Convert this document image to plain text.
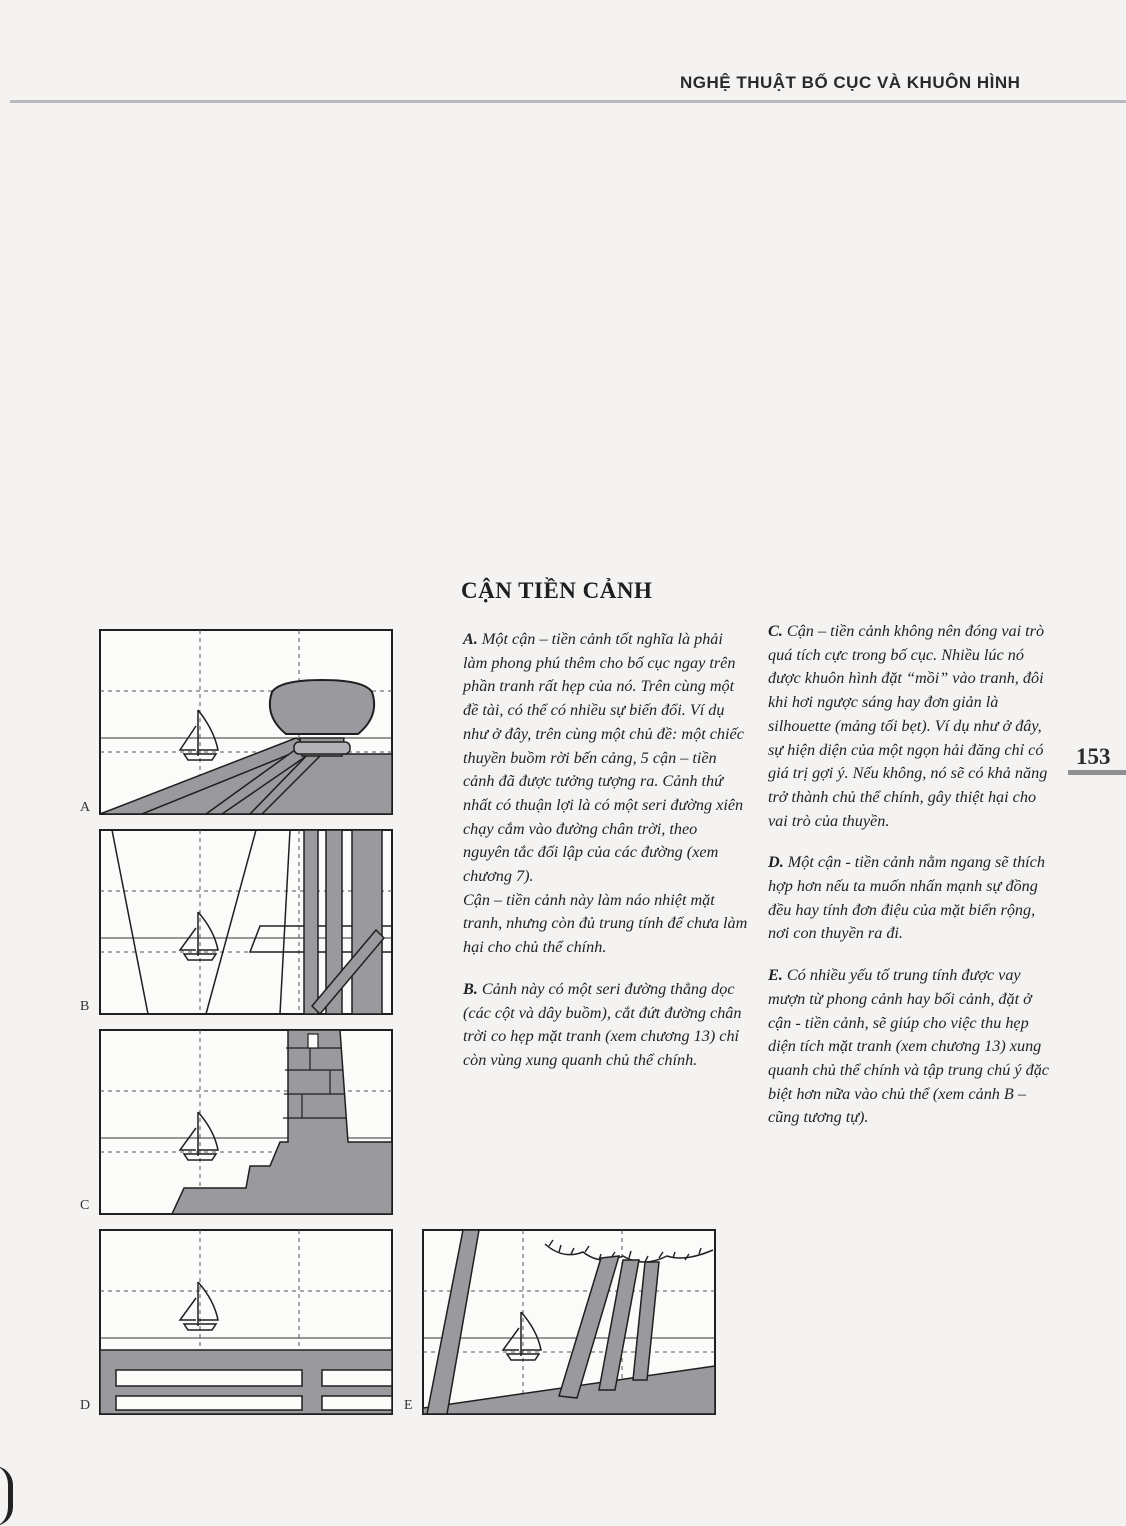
NGHỆ THUẬT BỐ CỤC VÀ KHUÔN HÌNH
153
CẬN TIỀN CẢNH

A. Một cận – tiền cảnh tốt nghĩa là phải làm phong phú thêm cho bố cục ngay trên phần tranh rất hẹp của nó. Trên cùng một đề tài, có thể có nhiều sự biến đổi. Ví dụ như ở đây, trên cùng một chủ đề: một chiếc thuyền buồm rời bến cảng, 5 cận – tiền cảnh đã được tưởng tượng ra. Cảnh thứ nhất có thuận lợi là có một seri đường xiên chạy cắm vào đường chân trời, theo nguyên tắc đối lập của các đường (xem chương 7).
Cận – tiền cảnh này làm náo nhiệt mặt tranh, nhưng còn đủ trung tính để chưa làm hại cho chủ thể chính.

B. Cảnh này có một seri đường thẳng dọc (các cột và dây buồm), cắt đứt đường chân trời co hẹp mặt tranh (xem chương 13) chỉ còn vùng xung quanh chủ thể chính.

C. Cận – tiền cảnh không nên đóng vai trò quá tích cực trong bố cục. Nhiều lúc nó được khuôn hình đặt “mồi” vào tranh, đôi khi hơi ngược sáng hay đơn giản là silhouette (mảng tối bẹt). Ví dụ như ở đây, sự hiện diện của một ngọn hải đăng chỉ có giá trị gợi ý. Nếu không, nó sẽ có khả năng trở thành chủ thể chính, gây thiệt hại cho vai trò của thuyền.

D. Một cận - tiền cảnh nằm ngang sẽ thích hợp hơn nếu ta muốn nhấn mạnh sự đồng đều hay tính đơn điệu của mặt biển rộng, nơi con thuyền ra đi.

E. Có nhiều yếu tố trung tính được vay mượn từ phong cảnh hay bối cảnh, đặt ở cận - tiền cảnh, sẽ giúp cho việc thu hẹp diện tích mặt tranh (xem chương 13) xung quanh chủ thể chính và tập trung chú ý đặc biệt hơn nữa vào chủ thể (xem cảnh B – cũng tương tự).

A
B
C
D	E
